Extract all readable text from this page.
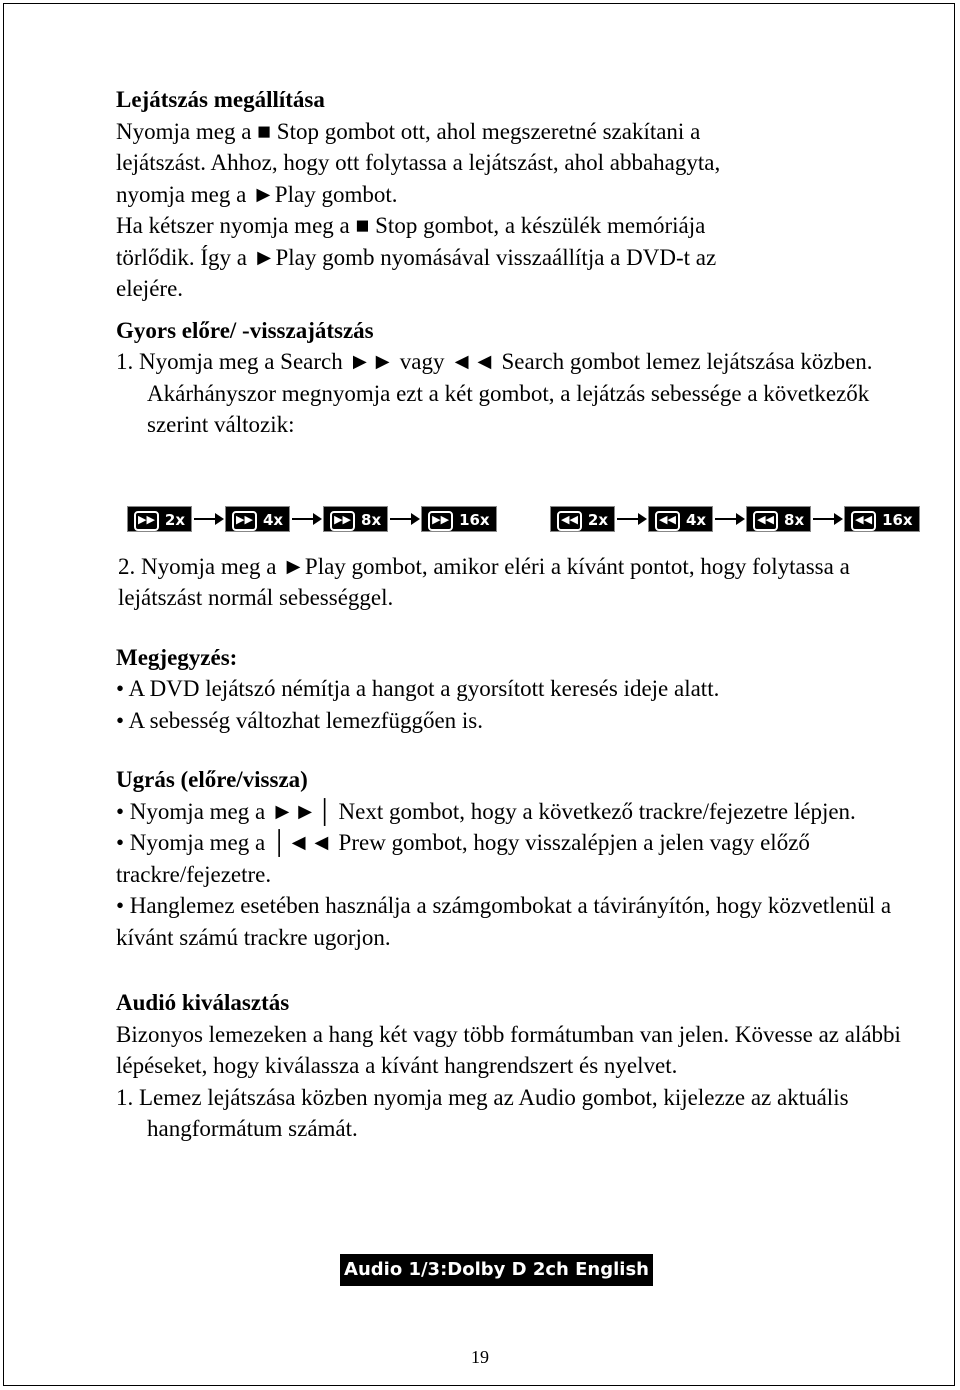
Lejátszás megállítása

Nyomja meg a ■ Stop gombot ott, ahol megszeretné szakítani a

lejátszást. Ahhoz, hogy ott folytassa a lejátszást, ahol abbahagyta,

nyomja meg a ►Play gombot.

Ha kétszer nyomja meg a ■ Stop gombot, a készülék memóriája

törlődik. Így a ►Play gomb nyomásával visszaállítja a DVD-t az

elejére.

Gyors előre/ -visszajátszás

1. Nyomja meg a Search ►► vagy ◄◄ Search gombot lemez lejátszása közben. Akárhányszor megnyomja ezt a két gombot, a lejátzás sebessége a következők szerint változik:

2. Nyomja meg a ►Play gombot, amikor eléri a kívánt pontot, hogy folytassa a lejátszást normál sebességgel.

Megjegyzés:

• A DVD lejátszó némítja a hangot a gyorsított keresés ideje alatt.

• A sebesség változhat lemezfüggően is.

Ugrás (előre/vissza)

• Nyomja meg a ►►│ Next gombot, hogy a következő trackre/fejezetre lépjen.

• Nyomja meg a │◄◄ Prew gombot, hogy visszalépjen a jelen vagy előző trackre/fejezetre.

• Hanglemez esetében használja a számgombokat a távirányítón, hogy közvetlenül a kívánt számú trackre ugorjon.

Audió kiválasztás

Bizonyos lemezeken a hang két vagy több formátumban van jelen. Kövesse az alábbi lépéseket, hogy kiválassza a kívánt hangrendszert és nyelvet.

1. Lemez lejátszása közben nyomja meg az Audio gombot, kijelezze az aktuális hangformátum számát.

▶▶ 2x	▶▶ 4x	▶▶ 8x	▶▶ 16x	◀◀ 2x	◀◀ 4x	◀◀ 8x	◀◀ 16x
Audio 1/3:Dolby D 2ch English
19
